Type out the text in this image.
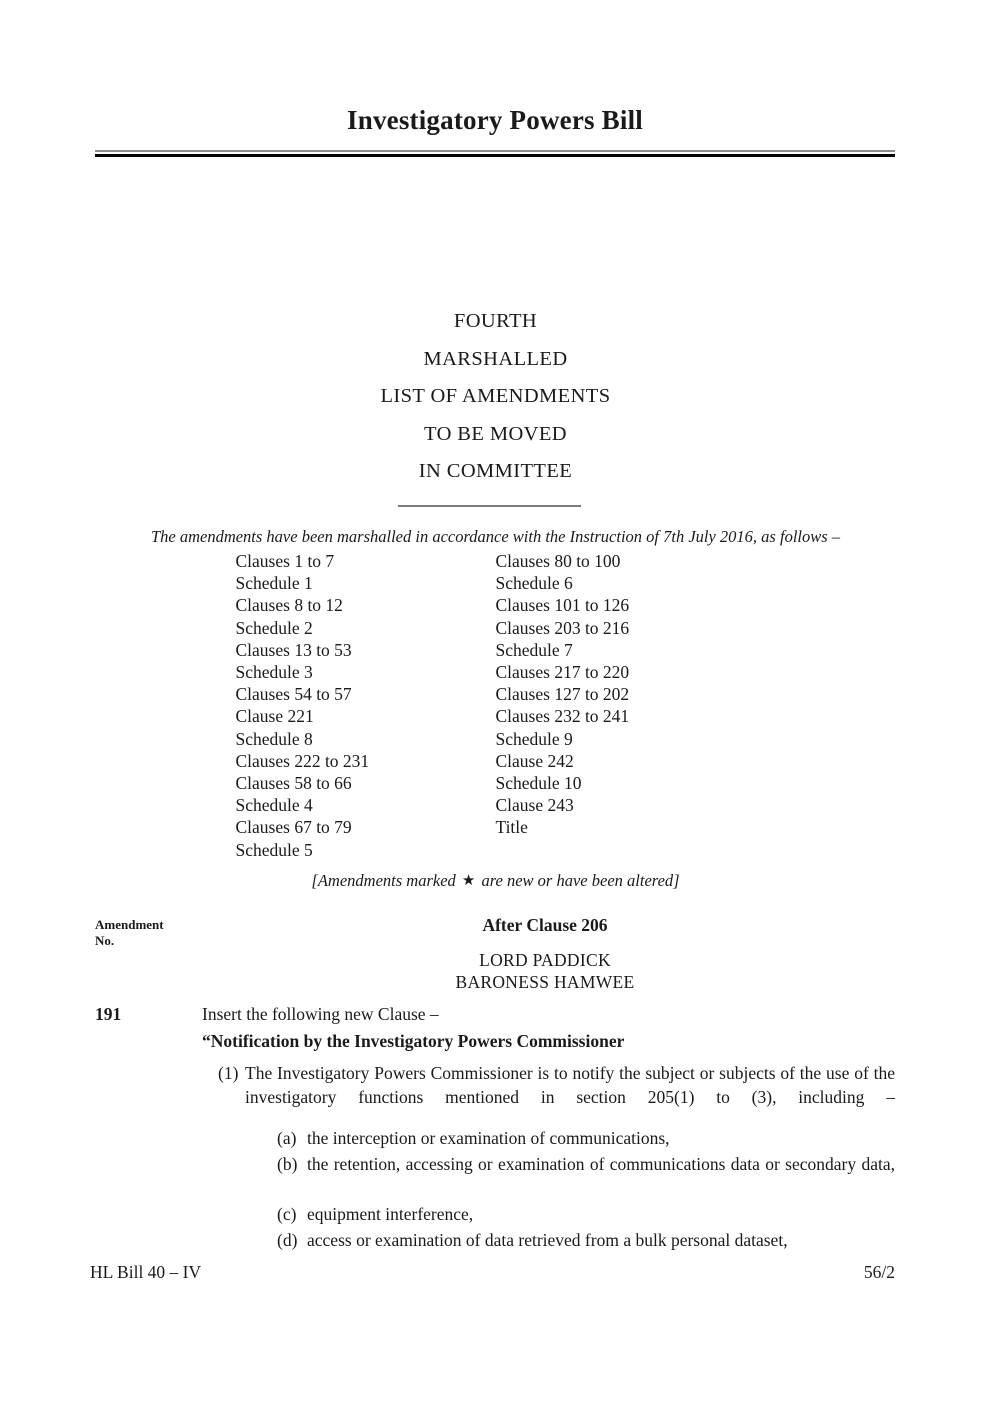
Investigatory Powers Bill
FOURTH
MARSHALLED
LIST OF AMENDMENTS
TO BE MOVED
IN COMMITTEE
The amendments have been marshalled in accordance with the Instruction of 7th July 2016, as follows –
Clauses 1 to 7
Schedule 1
Clauses 8 to 12
Schedule 2
Clauses 13 to 53
Schedule 3
Clauses 54 to 57
Clause 221
Schedule 8
Clauses 222 to 231
Clauses 58 to 66
Schedule 4
Clauses 67 to 79
Schedule 5
Clauses 80 to 100
Schedule 6
Clauses 101 to 126
Clauses 203 to 216
Schedule 7
Clauses 217 to 220
Clauses 127 to 202
Clauses 232 to 241
Schedule 9
Clause 242
Schedule 10
Clause 243
Title
[Amendments marked ★ are new or have been altered]
Amendment
No.
After Clause 206
LORD PADDICK
BARONESS HAMWEE
191	Insert the following new Clause –
“Notification by the Investigatory Powers Commissioner
(1) The Investigatory Powers Commissioner is to notify the subject or subjects of the use of the investigatory functions mentioned in section 205(1) to (3), including –
(a) the interception or examination of communications,
(b) the retention, accessing or examination of communications data or secondary data,
(c) equipment interference,
(d) access or examination of data retrieved from a bulk personal dataset,
HL Bill 40 – IV	56/2
